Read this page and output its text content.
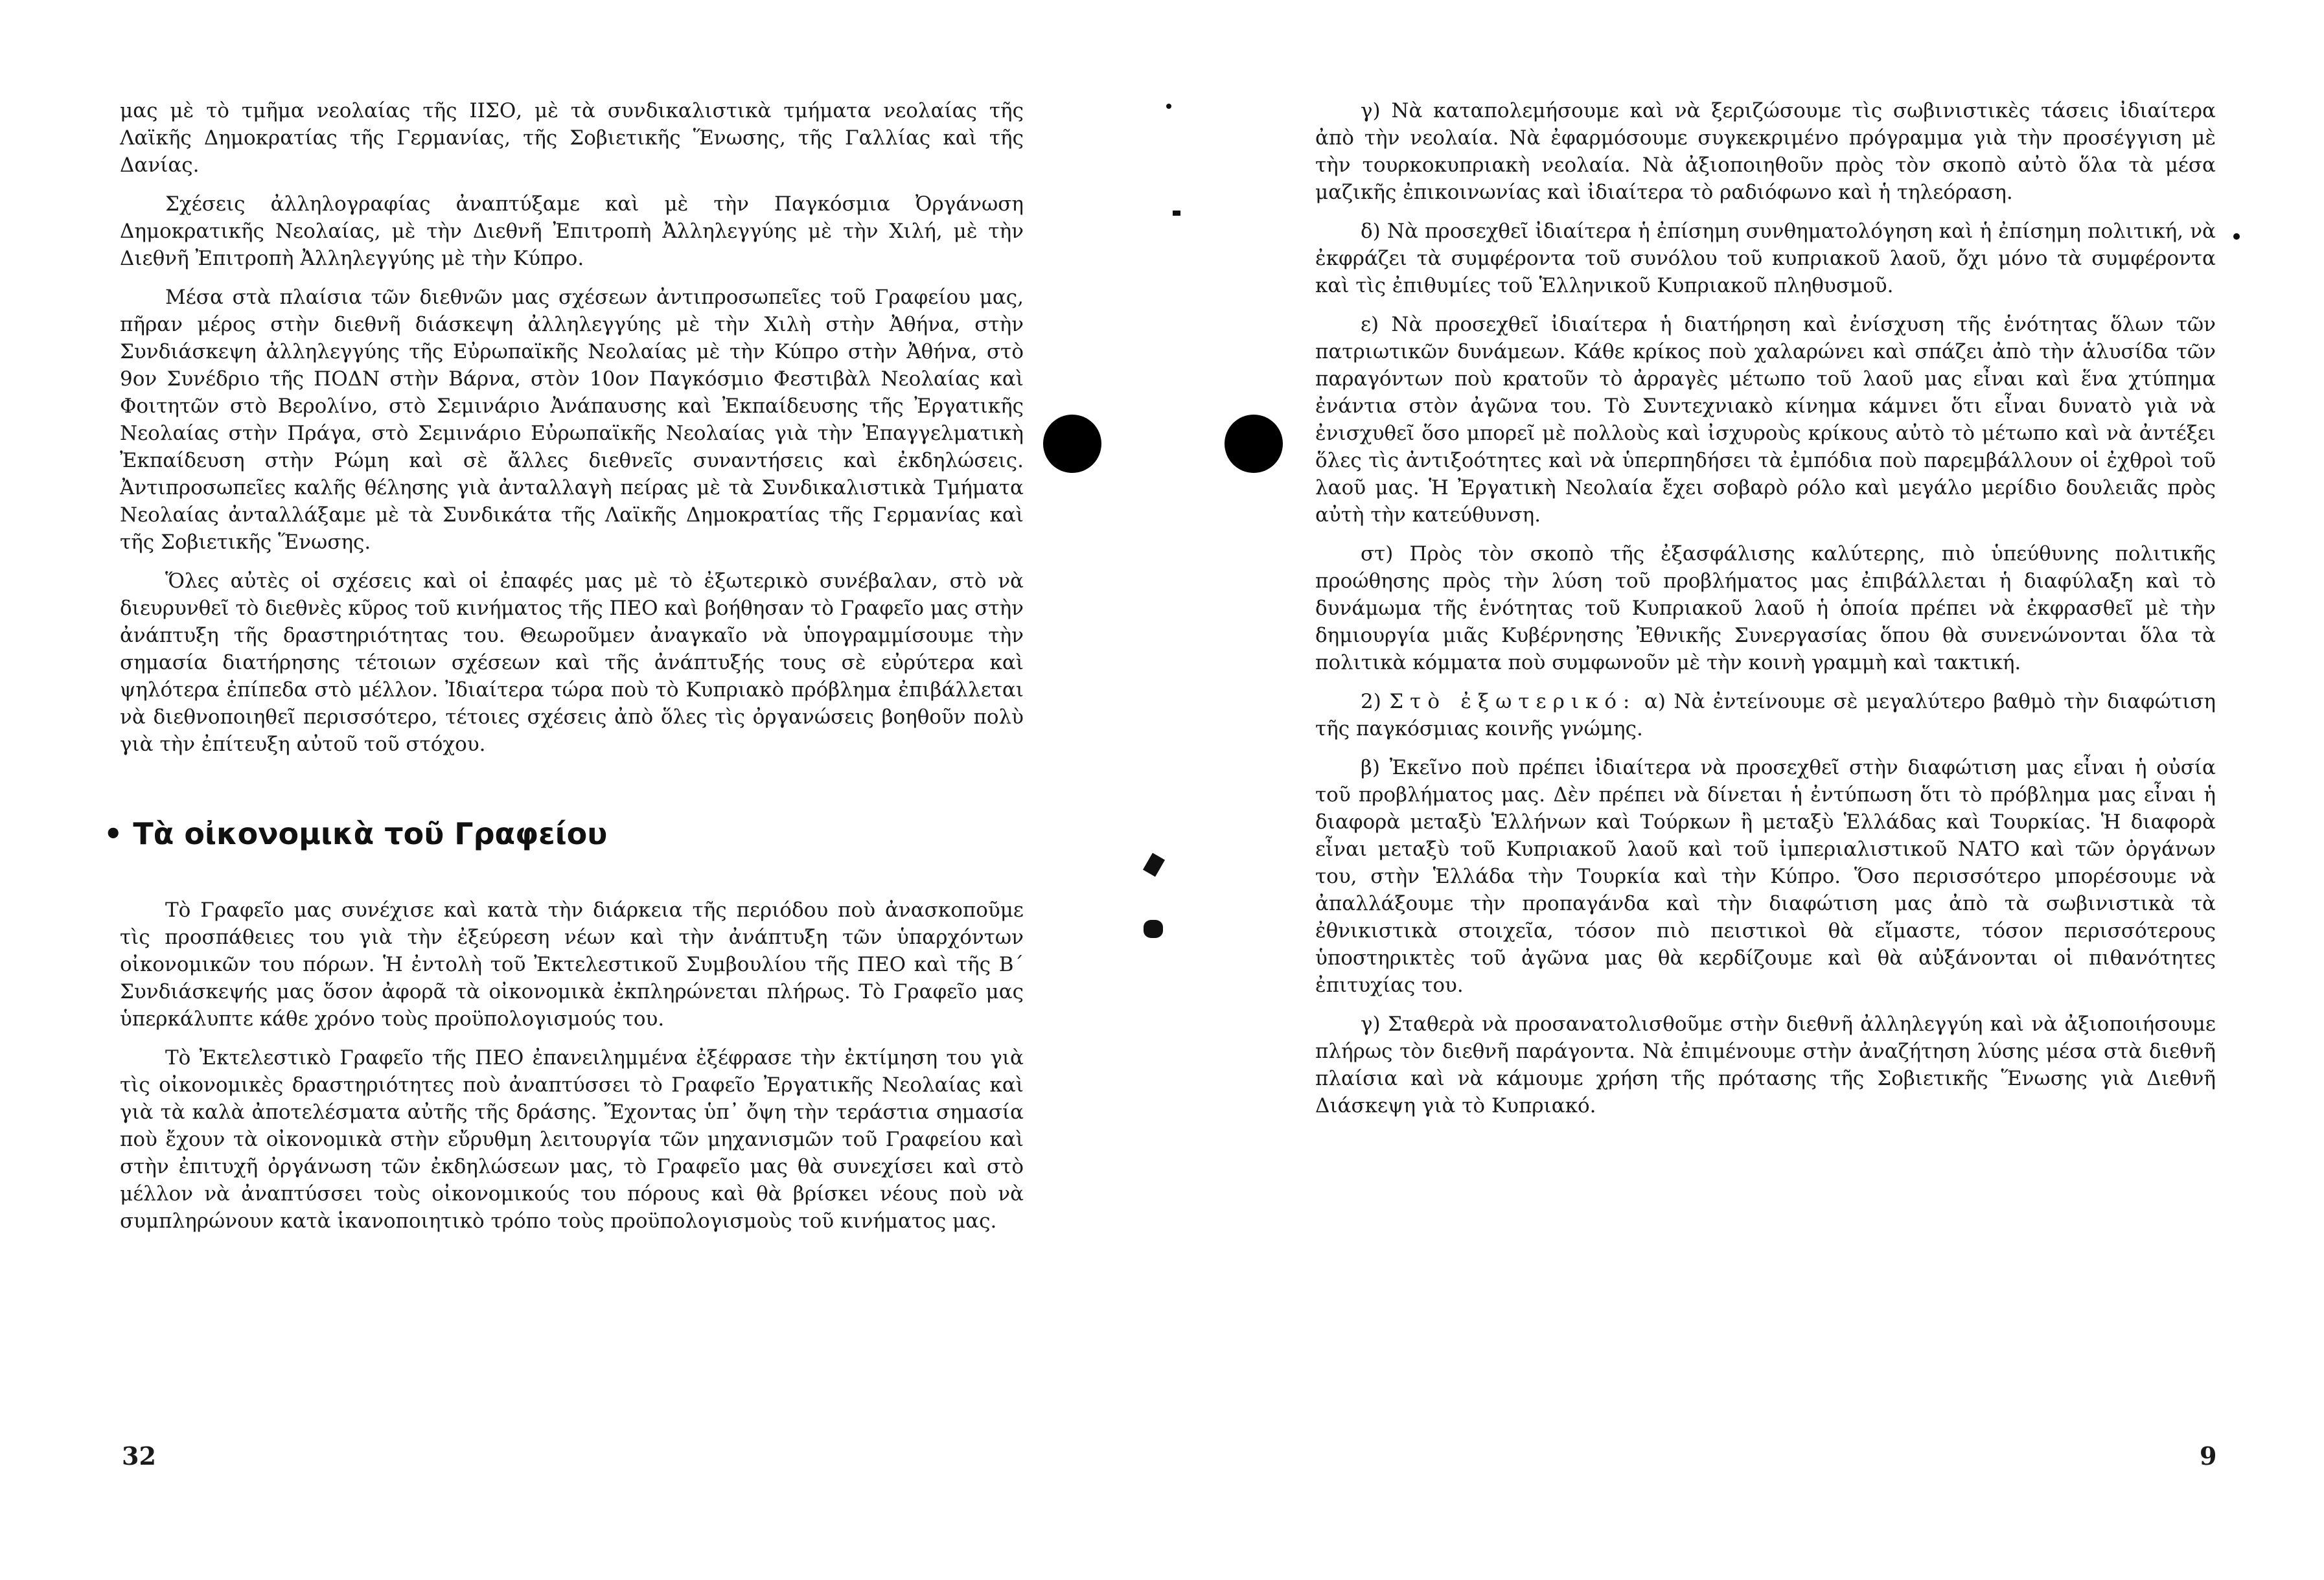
μας μὲ τὸ τμῆμα νεολαίας τῆς ΙΙΣΟ, μὲ τὰ συνδικαλιστικὰ τμήματα νεολαίας τῆς Λαϊκῆς Δημοκρατίας τῆς Γερμανίας, τῆς Σοβιετικῆς Ἕνωσης, τῆς Γαλλίας καὶ τῆς Δανίας.

Σχέσεις ἀλληλογραφίας ἀναπτύξαμε καὶ μὲ τὴν Παγκόσμια Ὀργάνωση Δημοκρατικῆς Νεολαίας, μὲ τὴν Διεθνῆ Ἐπιτροπὴ Ἀλληλεγγύης μὲ τὴν Χιλή, μὲ τὴν Διεθνῆ Ἐπιτροπὴ Ἀλληλεγγύης μὲ τὴν Κύπρο.

Μέσα στὰ πλαίσια τῶν διεθνῶν μας σχέσεων ἀντιπροσωπεῖες τοῦ Γραφείου μας, πῆραν μέρος στὴν διεθνῆ διάσκεψη ἀλληλεγγύης μὲ τὴν Χιλὴ στὴν Ἀθήνα, στὴν Συνδιάσκεψη ἀλληλεγγύης τῆς Εὐρωπαϊκῆς Νεολαίας μὲ τὴν Κύπρο στὴν Ἀθήνα, στὸ 9ον Συνέδριο τῆς ΠΟΔΝ στὴν Βάρνα, στὸν 10ον Παγκόσμιο Φεστιβὰλ Νεολαίας καὶ Φοιτητῶν στὸ Βερολίνο, στὸ Σεμινάριο Ἀνάπαυσης καὶ Ἐκπαίδευσης τῆς Ἐργατικῆς Νεολαίας στὴν Πράγα, στὸ Σεμινάριο Εὐρωπαϊκῆς Νεολαίας γιὰ τὴν Ἐπαγγελματικὴ Ἐκπαίδευση στὴν Ρώμη καὶ σὲ ἄλλες διεθνεῖς συναντήσεις καὶ ἐκδηλώσεις. Ἀντιπροσωπεῖες καλῆς θέλησης γιὰ ἀνταλλαγὴ πείρας μὲ τὰ Συνδικαλιστικὰ Τμήματα Νεολαίας ἀνταλλάξαμε μὲ τὰ Συνδικάτα τῆς Λαϊκῆς Δημοκρατίας τῆς Γερμανίας καὶ τῆς Σοβιετικῆς Ἕνωσης.

Ὅλες αὐτὲς οἱ σχέσεις καὶ οἱ ἐπαφές μας μὲ τὸ ἐξωτερικὸ συνέβαλαν, στὸ νὰ διευρυνθεῖ τὸ διεθνὲς κῦρος τοῦ κινήματος τῆς ΠΕΟ καὶ βοήθησαν τὸ Γραφεῖο μας στὴν ἀνάπτυξη τῆς δραστηριότητας του. Θεωροῦμεν ἀναγκαῖο νὰ ὑπογραμμίσουμε τὴν σημασία διατήρησης τέτοιων σχέσεων καὶ τῆς ἀνάπτυξής τους σὲ εὐρύτερα καὶ ψηλότερα ἐπίπεδα στὸ μέλλον. Ἰδιαίτερα τώρα ποὺ τὸ Κυπριακὸ πρόβλημα ἐπιβάλλεται νὰ διεθνοποιηθεῖ περισσότερο, τέτοιες σχέσεις ἀπὸ ὅλες τὶς ὀργανώσεις βοηθοῦν πολὺ γιὰ τὴν ἐπίτευξη αὐτοῦ τοῦ στόχου.

• Τὰ οἰκονομικὰ τοῦ Γραφείου

Τὸ Γραφεῖο μας συνέχισε καὶ κατὰ τὴν διάρκεια τῆς περιόδου ποὺ ἀνασκοποῦμε τὶς προσπάθειες του γιὰ τὴν ἐξεύρεση νέων καὶ τὴν ἀνάπτυξη τῶν ὑπαρχόντων οἰκονομικῶν του πόρων. Ἡ ἐντολὴ τοῦ Ἐκτελεστικοῦ Συμβουλίου τῆς ΠΕΟ καὶ τῆς Β΄ Συνδιάσκεψής μας ὅσον ἀφορᾶ τὰ οἰκονομικὰ ἐκπληρώνεται πλήρως. Τὸ Γραφεῖο μας ὑπερκάλυπτε κάθε χρόνο τοὺς προϋπολογισμούς του.

Τὸ Ἐκτελεστικὸ Γραφεῖο τῆς ΠΕΟ ἐπανειλημμένα ἐξέφρασε τὴν ἐκτίμηση του γιὰ τὶς οἰκονομικὲς δραστηριότητες ποὺ ἀναπτύσσει τὸ Γραφεῖο Ἐργατικῆς Νεολαίας καὶ γιὰ τὰ καλὰ ἀποτελέσματα αὐτῆς τῆς δράσης. Ἔχοντας ὑπ᾽ ὄψη τὴν τεράστια σημασία ποὺ ἔχουν τὰ οἰκονομικὰ στὴν εὔρυθμη λειτουργία τῶν μηχανισμῶν τοῦ Γραφείου καὶ στὴν ἐπιτυχῆ ὀργάνωση τῶν ἐκδηλώσεων μας, τὸ Γραφεῖο μας θὰ συνεχίσει καὶ στὸ μέλλον νὰ ἀναπτύσσει τοὺς οἰκονομικούς του πόρους καὶ θὰ βρίσκει νέους ποὺ νὰ συμπληρώνουν κατὰ ἱκανοποιητικὸ τρόπο τοὺς προϋπολογισμοὺς τοῦ κινήματος μας.

γ) Νὰ καταπολεμήσουμε καὶ νὰ ξεριζώσουμε τὶς σωβινιστικὲς τάσεις ἰδιαίτερα ἀπὸ τὴν νεολαία. Νὰ ἐφαρμόσουμε συγκεκριμένο πρόγραμμα γιὰ τὴν προσέγγιση μὲ τὴν τουρκοκυπριακὴ νεολαία. Νὰ ἀξιοποιηθοῦν πρὸς τὸν σκοπὸ αὐτὸ ὅλα τὰ μέσα μαζικῆς ἐπικοινωνίας καὶ ἰδιαίτερα τὸ ραδιόφωνο καὶ ἡ τηλεόραση.

δ) Νὰ προσεχθεῖ ἰδιαίτερα ἡ ἐπίσημη συνθηματολόγηση καὶ ἡ ἐπίσημη πολιτική, νὰ ἐκφράζει τὰ συμφέροντα τοῦ συνόλου τοῦ κυπριακοῦ λαοῦ, ὄχι μόνο τὰ συμφέροντα καὶ τὶς ἐπιθυμίες τοῦ Ἑλληνικοῦ Κυπριακοῦ πληθυσμοῦ.

ε) Νὰ προσεχθεῖ ἰδιαίτερα ἡ διατήρηση καὶ ἐνίσχυση τῆς ἑνότητας ὅλων τῶν πατριωτικῶν δυνάμεων. Κάθε κρίκος ποὺ χαλαρώνει καὶ σπάζει ἀπὸ τὴν ἁλυσίδα τῶν παραγόντων ποὺ κρατοῦν τὸ ἀρραγὲς μέτωπο τοῦ λαοῦ μας εἶναι καὶ ἕνα χτύπημα ἐνάντια στὸν ἀγῶνα του. Τὸ Συντεχνιακὸ κίνημα κάμνει ὅτι εἶναι δυνατὸ γιὰ νὰ ἐνισχυθεῖ ὅσο μπορεῖ μὲ πολλοὺς καὶ ἰσχυροὺς κρίκους αὐτὸ τὸ μέτωπο καὶ νὰ ἀντέξει ὅλες τὶς ἀντιξοότητες καὶ νὰ ὑπερπηδήσει τὰ ἐμπόδια ποὺ παρεμβάλλουν οἱ ἐχθροὶ τοῦ λαοῦ μας. Ἡ Ἐργατικὴ Νεολαία ἔχει σοβαρὸ ρόλο καὶ μεγάλο μερίδιο δουλειᾶς πρὸς αὐτὴ τὴν κατεύθυνση.

στ) Πρὸς τὸν σκοπὸ τῆς ἐξασφάλισης καλύτερης, πιὸ ὑπεύθυνης πολιτικῆς προώθησης πρὸς τὴν λύση τοῦ προβλήματος μας ἐπιβάλλεται ἡ διαφύλαξη καὶ τὸ δυνάμωμα τῆς ἑνότητας τοῦ Κυπριακοῦ λαοῦ ἡ ὁποία πρέπει νὰ ἐκφρασθεῖ μὲ τὴν δημιουργία μιᾶς Κυβέρνησης Ἐθνικῆς Συνεργασίας ὅπου θὰ συνενώνονται ὅλα τὰ πολιτικὰ κόμματα ποὺ συμφωνοῦν μὲ τὴν κοινὴ γραμμὴ καὶ τακτική.

2) Στὸ ἐξωτερικό: α) Νὰ ἐντείνουμε σὲ μεγαλύτερο βαθμὸ τὴν διαφώτιση τῆς παγκόσμιας κοινῆς γνώμης.

β) Ἐκεῖνο ποὺ πρέπει ἰδιαίτερα νὰ προσεχθεῖ στὴν διαφώτιση μας εἶναι ἡ οὐσία τοῦ προβλήματος μας. Δὲν πρέπει νὰ δίνεται ἡ ἐντύπωση ὅτι τὸ πρόβλημα μας εἶναι ἡ διαφορὰ μεταξὺ Ἑλλήνων καὶ Τούρκων ἢ μεταξὺ Ἑλλάδας καὶ Τουρκίας. Ἡ διαφορὰ εἶναι μεταξὺ τοῦ Κυπριακοῦ λαοῦ καὶ τοῦ ἰμπεριαλιστικοῦ ΝΑΤΟ καὶ τῶν ὀργάνων του, στὴν Ἑλλάδα τὴν Τουρκία καὶ τὴν Κύπρο. Ὅσο περισσότερο μπορέσουμε νὰ ἀπαλλάξουμε τὴν προπαγάνδα καὶ τὴν διαφώτιση μας ἀπὸ τὰ σωβινιστικὰ τὰ ἐθνικιστικὰ στοιχεῖα, τόσον πιὸ πειστικοὶ θὰ εἴμαστε, τόσον περισσότερους ὑποστηρικτὲς τοῦ ἀγῶνα μας θὰ κερδίζουμε καὶ θὰ αὐξάνονται οἱ πιθανότητες ἐπιτυχίας του.

γ) Σταθερὰ νὰ προσανατολισθοῦμε στὴν διεθνῆ ἀλληλεγγύη καὶ νὰ ἀξιοποιήσουμε πλήρως τὸν διεθνῆ παράγοντα. Νὰ ἐπιμένουμε στὴν ἀναζήτηση λύσης μέσα στὰ διεθνῆ πλαίσια καὶ νὰ κάμουμε χρήση τῆς πρότασης τῆς Σοβιετικῆς Ἕνωσης γιὰ Διεθνῆ Διάσκεψη γιὰ τὸ Κυπριακό.

32	9
